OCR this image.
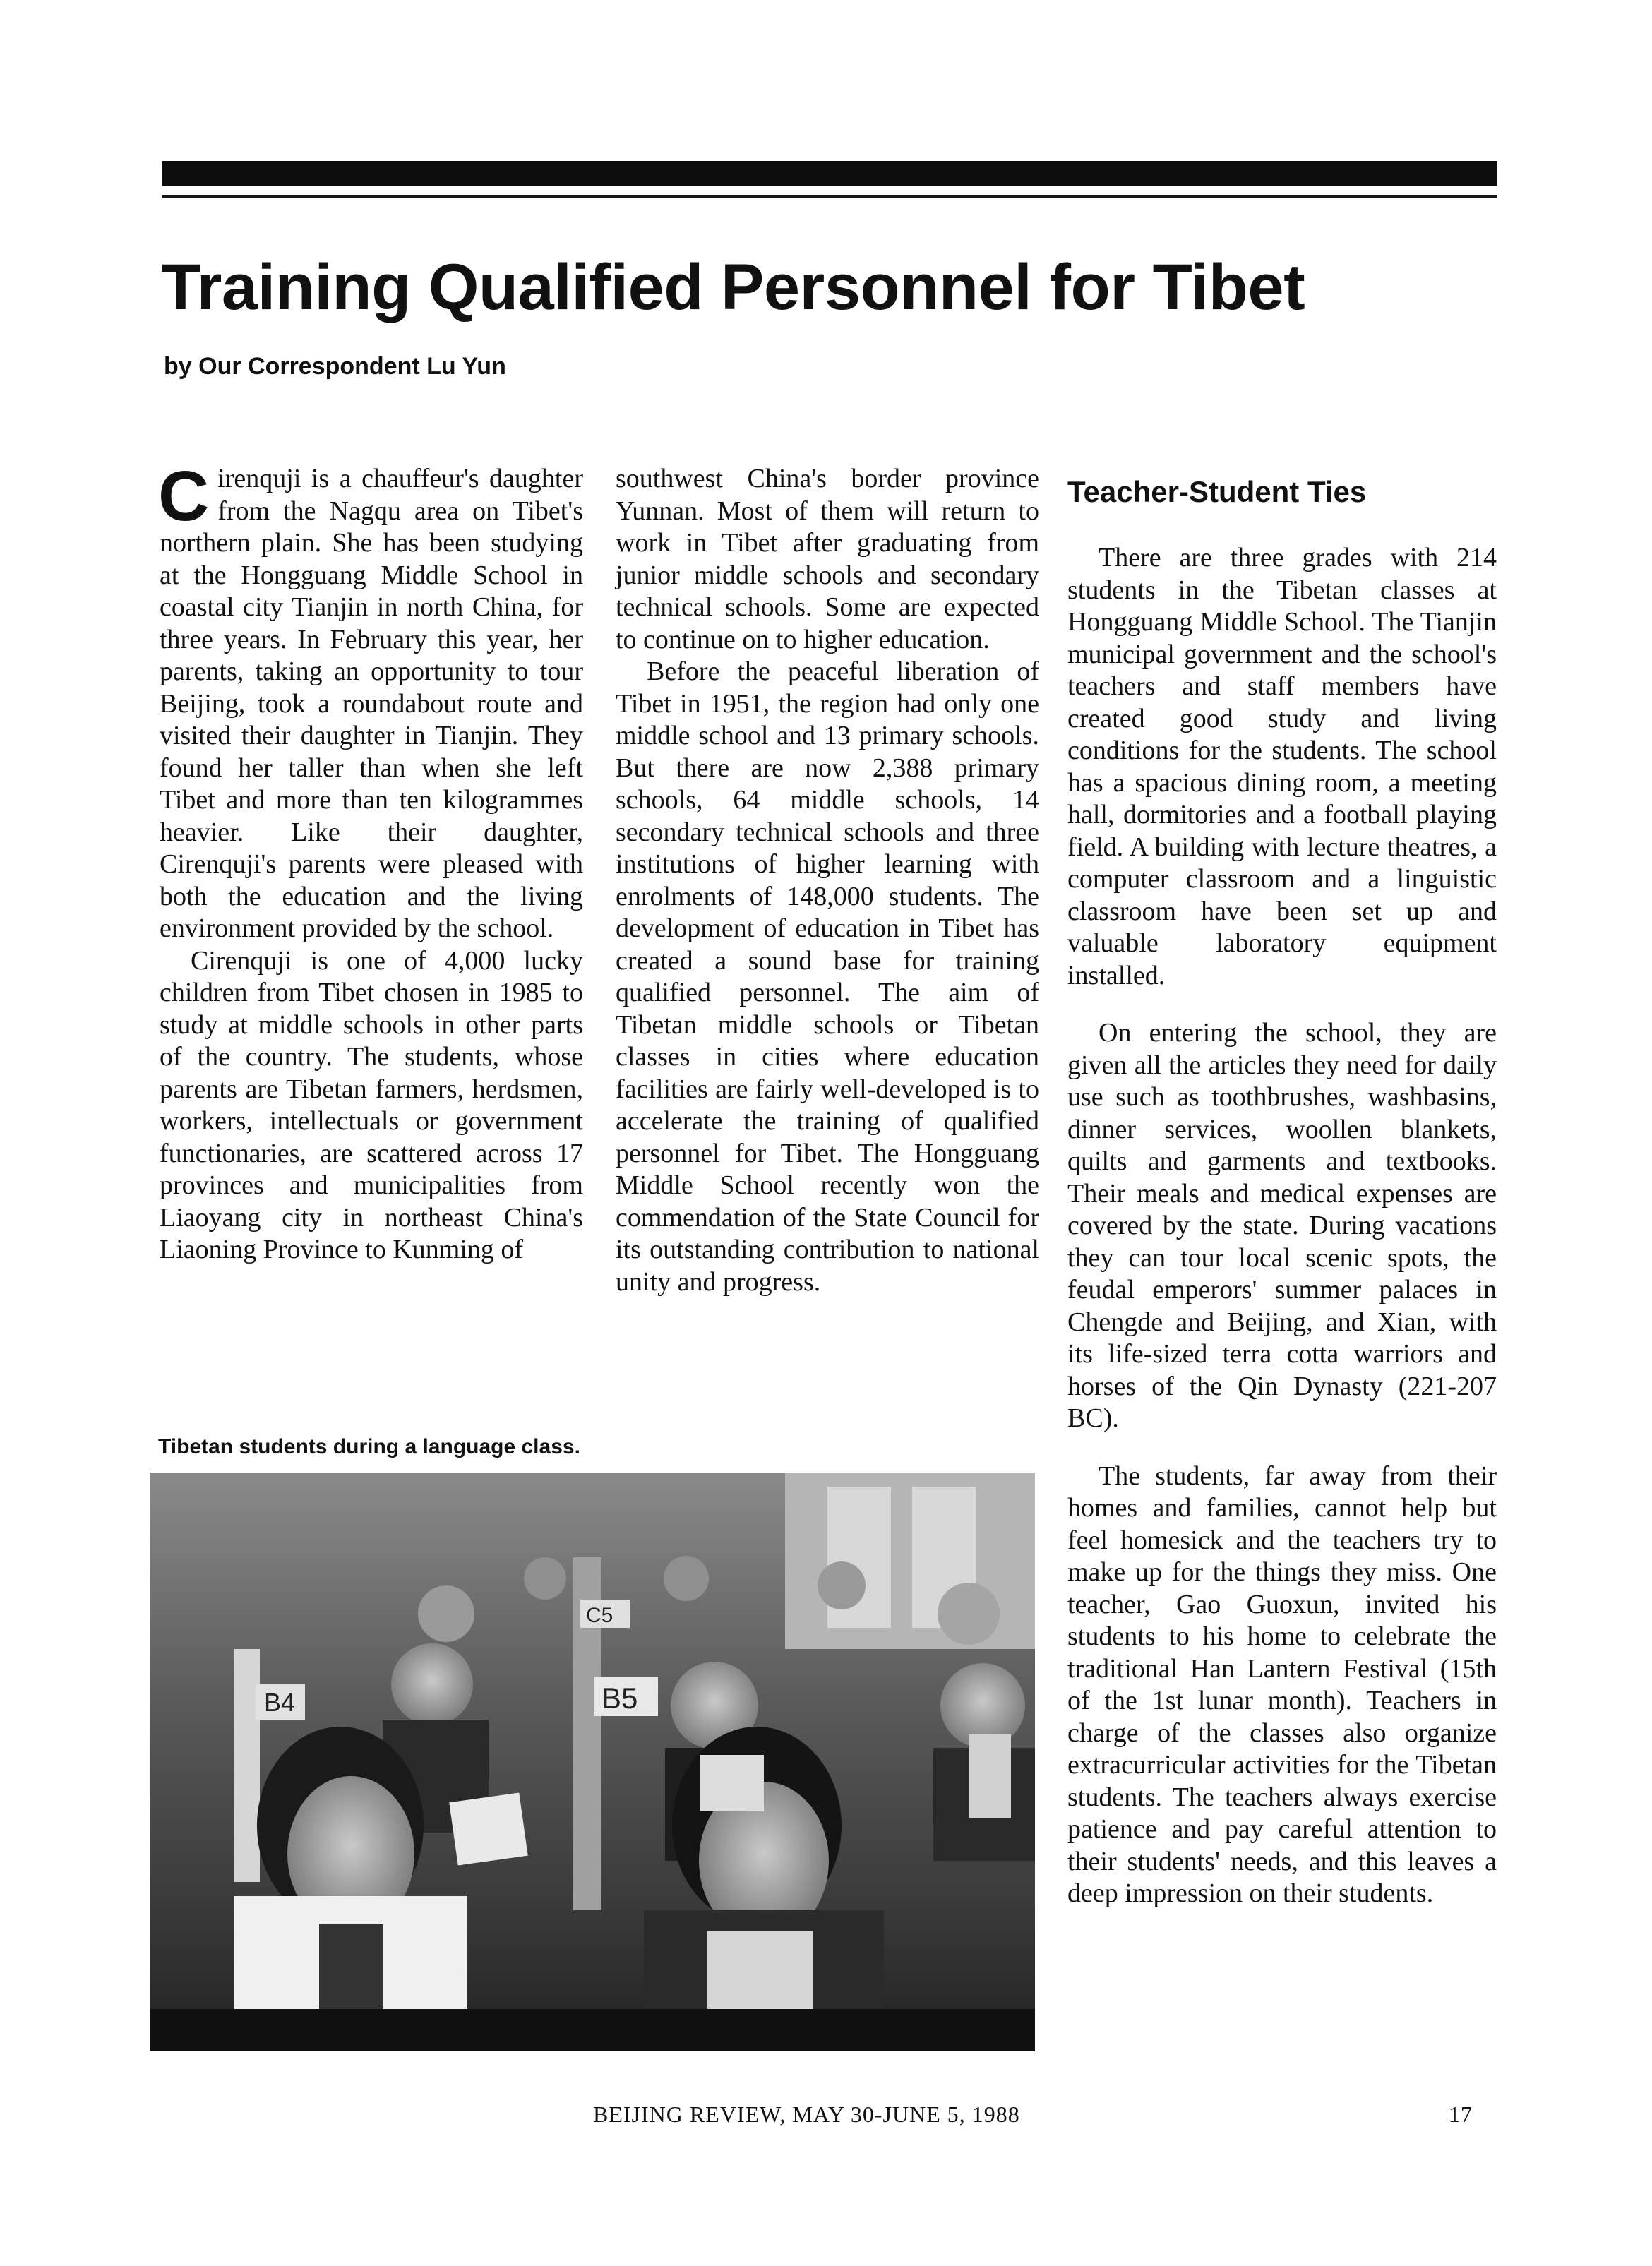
Training Qualified Personnel for Tibet
by Our Correspondent Lu Yun

Cirenquji is a chauffeur's daughter from the Nagqu area on Tibet's northern plain. She has been studying at the Hongguang Middle School in coastal city Tianjin in north China, for three years. In February this year, her parents, taking an opportunity to tour Beijing, took a roundabout route and visited their daughter in Tianjin. They found her taller than when she left Tibet and more than ten kilogrammes heavier. Like their daughter, Cirenquji's parents were pleased with both the education and the living environment provided by the school.

Cirenquji is one of 4,000 lucky children from Tibet chosen in 1985 to study at middle schools in other parts of the country. The students, whose parents are Tibetan farmers, herdsmen, workers, intellectuals or government functionaries, are scattered across 17 provinces and municipalities from Liaoyang city in northeast China's Liaoning Province to Kunming of

southwest China's border province Yunnan. Most of them will return to work in Tibet after graduating from junior middle schools and secondary technical schools. Some are expected to continue on to higher education.

Before the peaceful liberation of Tibet in 1951, the region had only one middle school and 13 primary schools. But there are now 2,388 primary schools, 64 middle schools, 14 secondary technical schools and three institutions of higher learning with enrolments of 148,000 students. The development of education in Tibet has created a sound base for training qualified personnel. The aim of Tibetan middle schools or Tibetan classes in cities where education facilities are fairly well-developed is to accelerate the training of qualified personnel for Tibet. The Hongguang Middle School recently won the commendation of the State Council for its outstanding contribution to national unity and progress.

Teacher-Student Ties

There are three grades with 214 students in the Tibetan classes at Hongguang Middle School. The Tianjin municipal government and the school's teachers and staff members have created good study and living conditions for the students. The school has a spacious dining room, a meeting hall, dormitories and a football playing field. A building with lecture theatres, a computer classroom and a linguistic classroom have been set up and valuable laboratory equipment installed.

On entering the school, they are given all the articles they need for daily use such as toothbrushes, washbasins, dinner services, woollen blankets, quilts and garments and textbooks. Their meals and medical expenses are covered by the state. During vacations they can tour local scenic spots, the feudal emperors' summer palaces in Chengde and Beijing, and Xian, with its life-sized terra cotta warriors and horses of the Qin Dynasty (221-207 BC).

The students, far away from their homes and families, cannot help but feel homesick and the teachers try to make up for the things they miss. One teacher, Gao Guoxun, invited his students to his home to celebrate the traditional Han Lantern Festival (15th of the 1st lunar month). Teachers in charge of the classes also organize extracurricular activities for the Tibetan students. The teachers always exercise patience and pay careful attention to their students' needs, and this leaves a deep impression on their students.

Tibetan students during a language class.
B4
C5
B5
BEIJING REVIEW, MAY 30-JUNE 5, 1988	17
